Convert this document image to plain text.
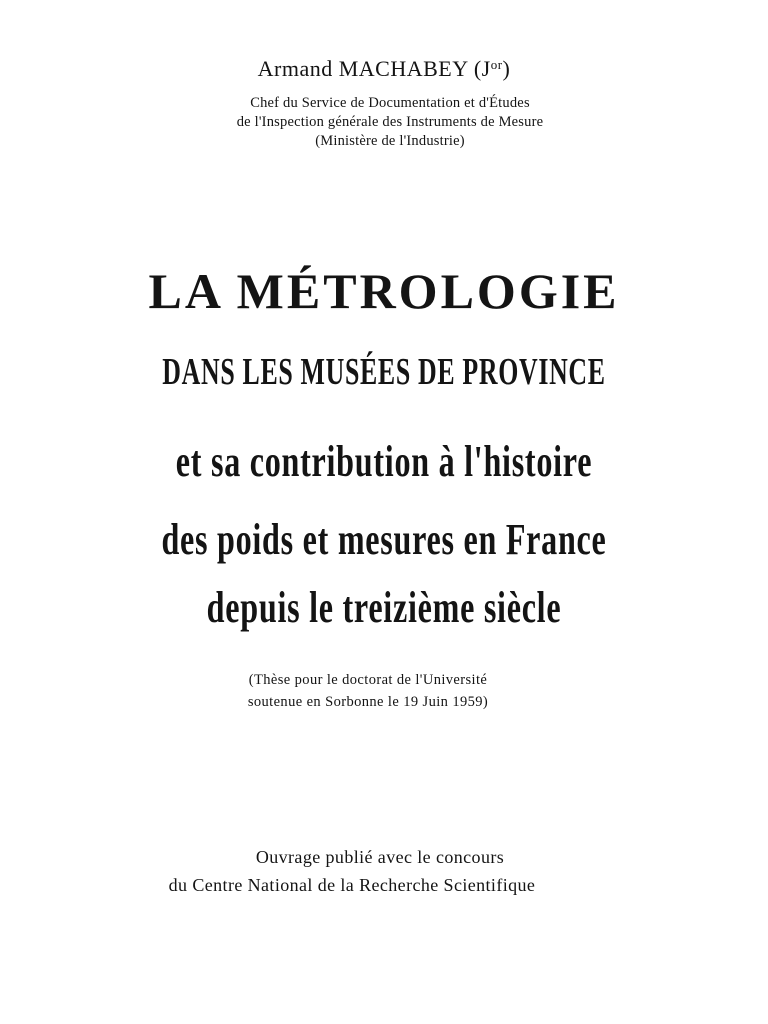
Armand MACHABEY $(J^{or})$

Chef du Service de Documentation et d'Études

de l'Inspection générale des Instruments de Mesure

(Ministère de l'Industrie)

LA MÉTROLOGIE
DANS LES MUSÉES DE PROVINCE
et sa contribution à l'histoire
des poids et mesures en France
depuis le treizième siècle

(Thèse pour le doctorat de l'Université

soutenue en Sorbonne le 19 Juin 1959)

Ouvrage publié avec le concours

du Centre National de la Recherche Scientifique
